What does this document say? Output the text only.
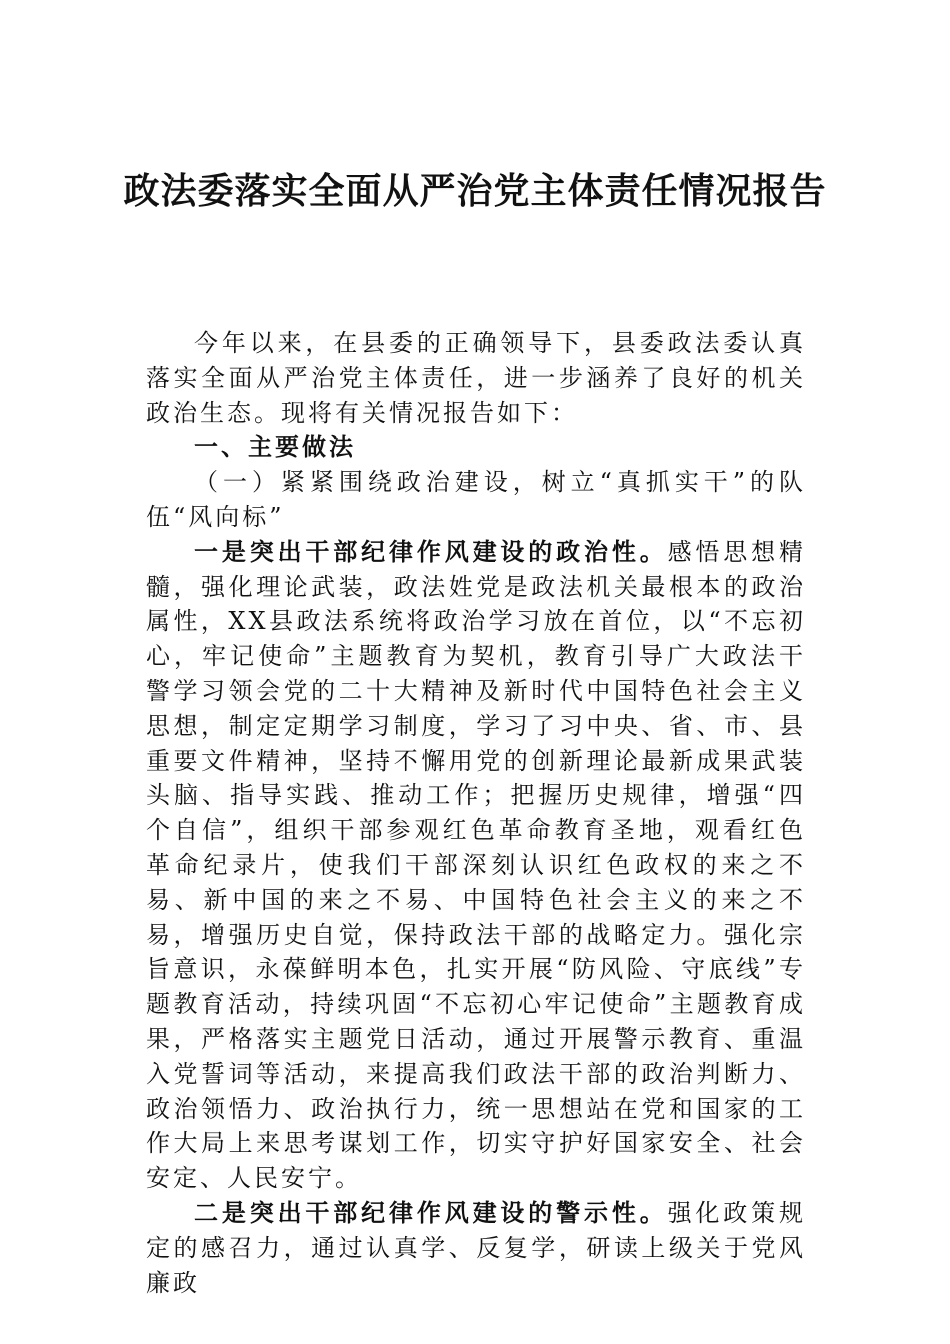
政法委落实全面从严治党主体责任情况报告

今年以来，在县委的正确领导下，县委政法委认真落实全面从严治党主体责任，进一步涵养了良好的机关政治生态。现将有关情况报告如下：

一、主要做法

（一）紧紧围绕政治建设，树立“真抓实干”的队伍“风向标”

一是突出干部纪律作风建设的政治性。感悟思想精髓，强化理论武装，政法姓党是政法机关最根本的政治属性，XX县政法系统将政治学习放在首位，以“不忘初心，牢记使命”主题教育为契机，教育引导广大政法干警学习领会党的二十大精神及新时代中国特色社会主义思想，制定定期学习制度，学习了习中央、省、市、县重要文件精神，坚持不懈用党的创新理论最新成果武装头脑、指导实践、推动工作；把握历史规律，增强“四个自信”，组织干部参观红色革命教育圣地，观看红色革命纪录片，使我们干部深刻认识红色政权的来之不易、新中国的来之不易、中国特色社会主义的来之不易，增强历史自觉，保持政法干部的战略定力。强化宗旨意识，永葆鲜明本色，扎实开展“防风险、守底线”专题教育活动，持续巩固“不忘初心牢记使命”主题教育成果，严格落实主题党日活动，通过开展警示教育、重温入党誓词等活动，来提高我们政法干部的政治判断力、政治领悟力、政治执行力，统一思想站在党和国家的工作大局上来思考谋划工作，切实守护好国家安全、社会安定、人民安宁。

二是突出干部纪律作风建设的警示性。强化政策规定的感召力，通过认真学、反复学，研读上级关于党风廉政
